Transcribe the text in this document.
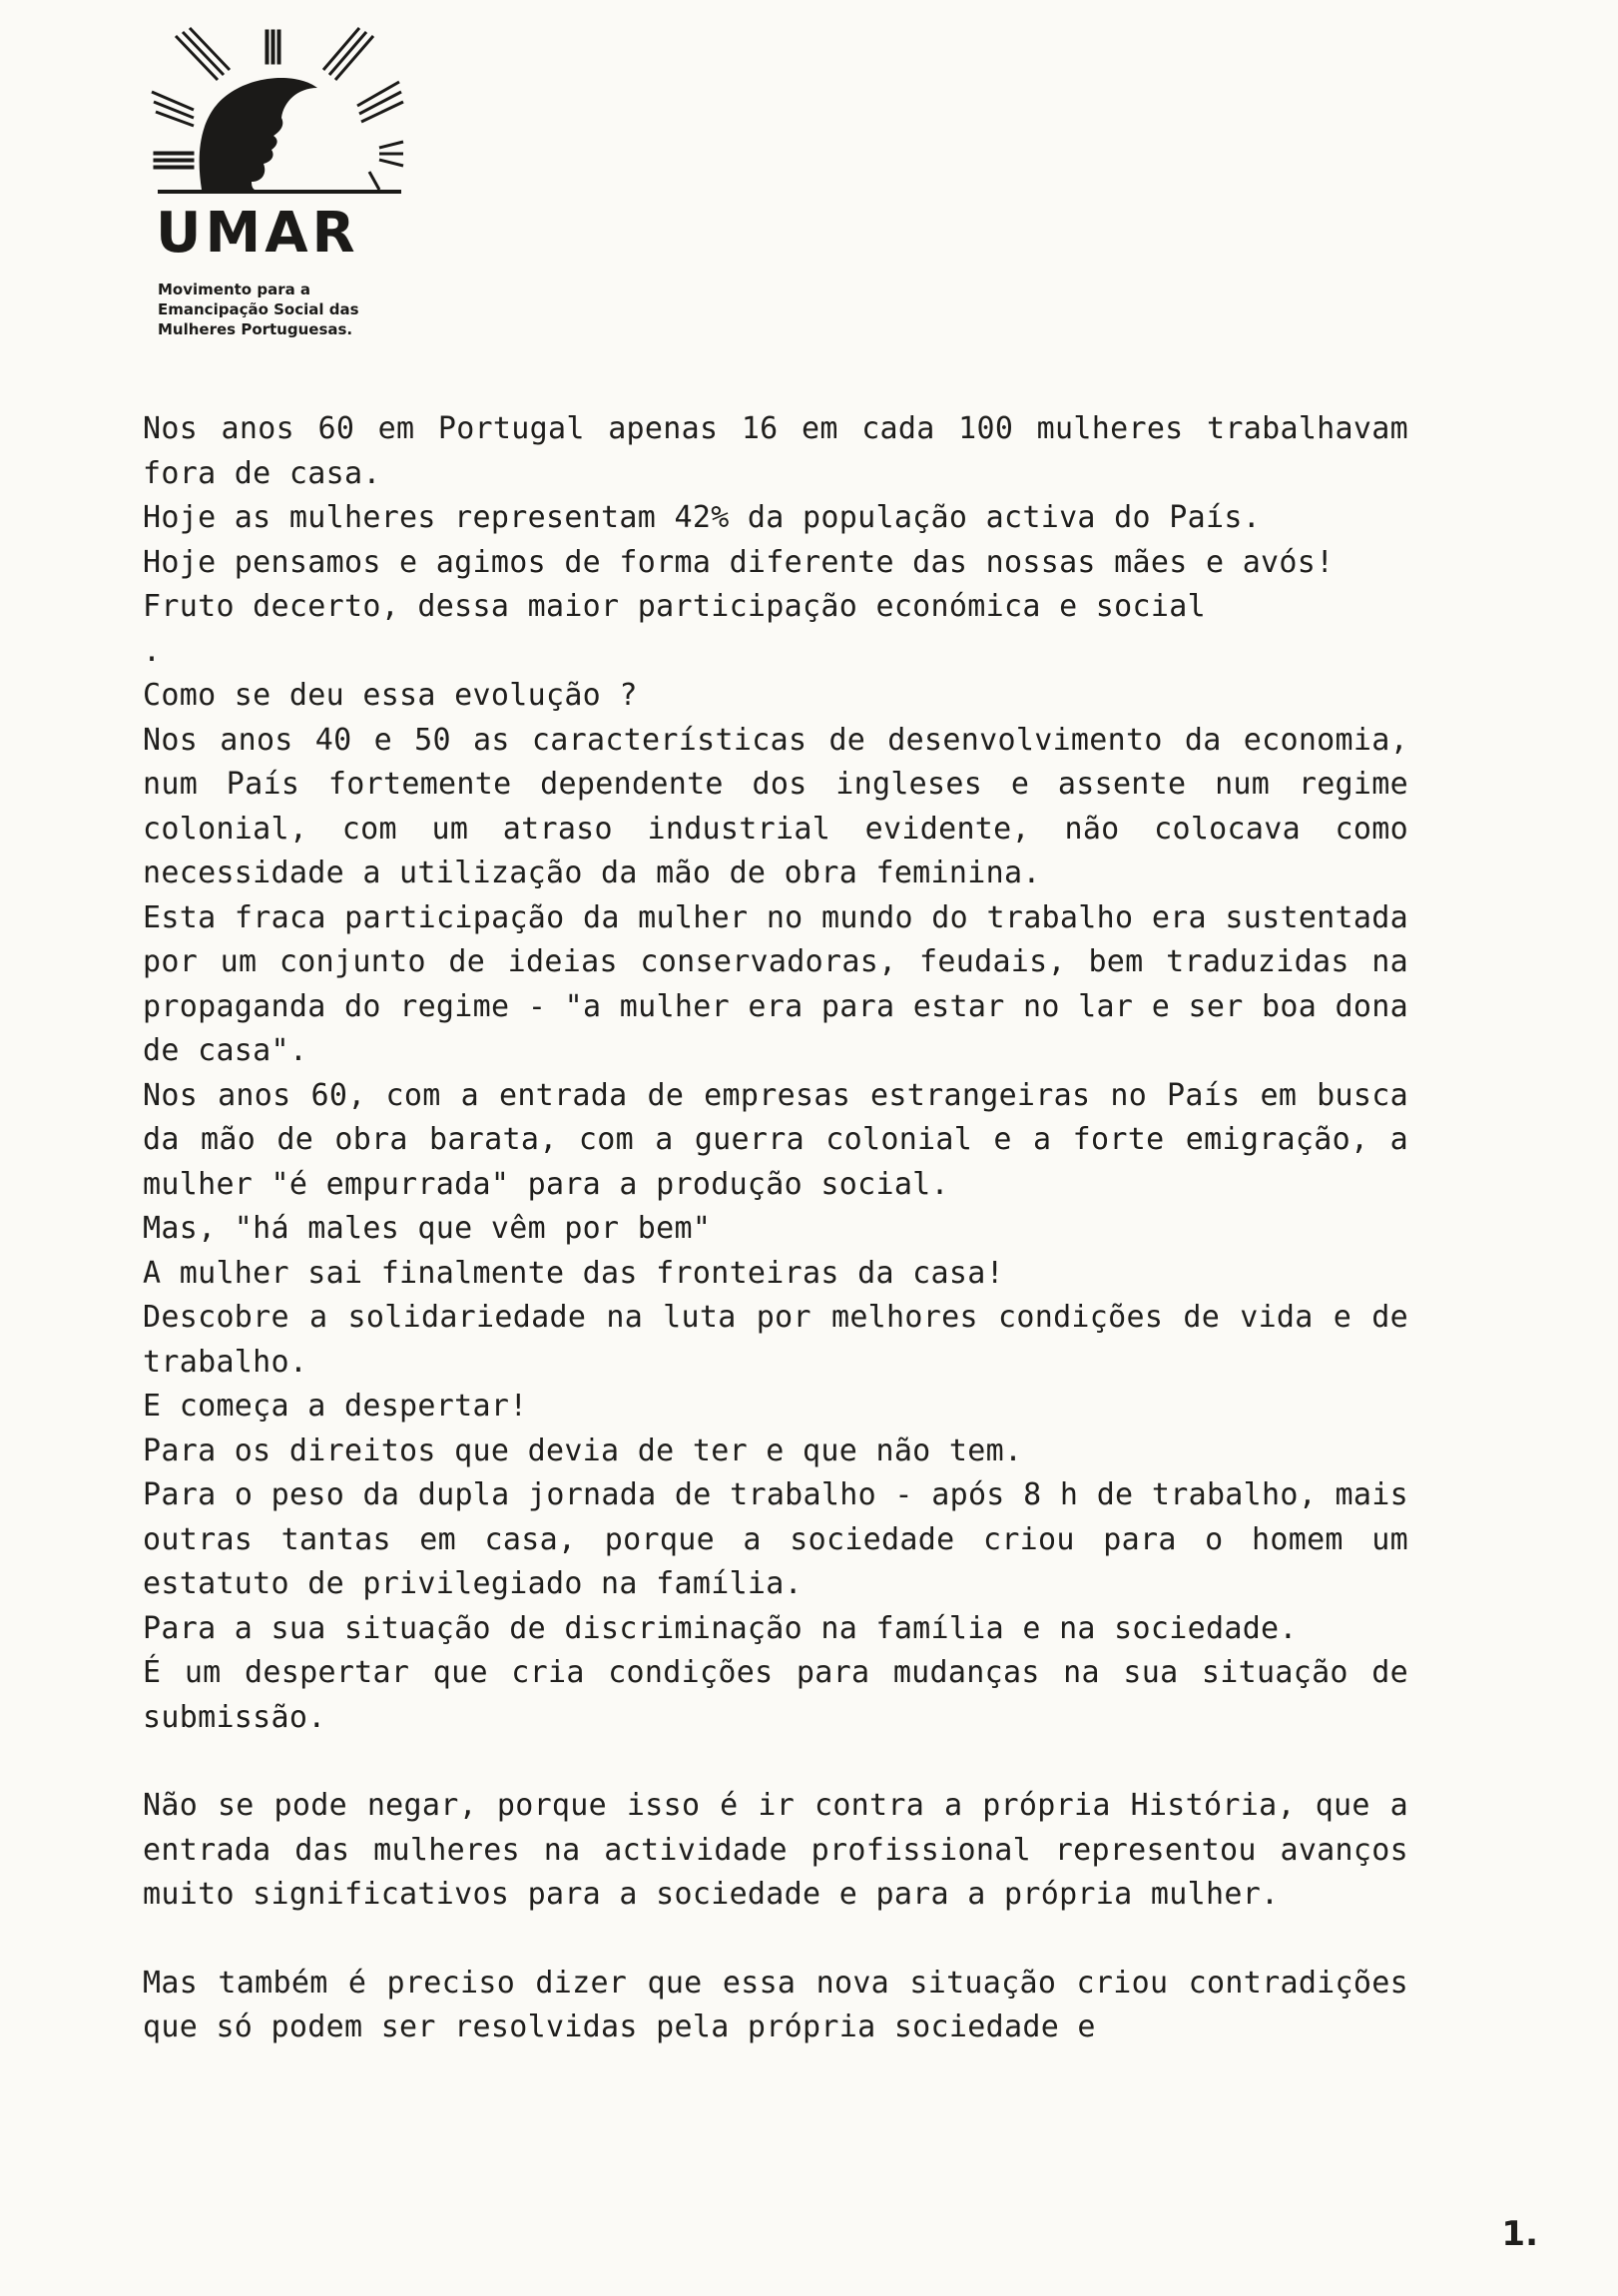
UMAR
Movimento para a
Emancipação Social das
Mulheres Portuguesas.

Nos anos 60 em Portugal apenas 16 em cada 100 mulheres trabalhavam fora de casa.

Hoje as mulheres representam 42% da população activa do País.

Hoje pensamos e agimos de forma diferente das nossas mães e avós!

Fruto decerto, dessa maior participação económica e social

.

Como se deu essa evolução ?

Nos anos 40 e 50 as características de desenvolvimento da economia, num País fortemente dependente dos ingleses e assente num regime colonial, com um atraso industrial evidente, não colocava como necessidade a utilização da mão de obra feminina.

Esta fraca participação da mulher no mundo do trabalho era sustentada por um conjunto de ideias conservadoras, feudais, bem traduzidas na propaganda do regime - "a mulher era para estar no lar e ser boa dona de casa".

Nos anos 60, com a entrada de empresas estrangeiras no País em busca da mão de obra barata, com a guerra colonial e a forte emigração, a mulher "é empurrada" para a produção social.

Mas, "há males que vêm por bem"

A mulher sai finalmente das fronteiras da casa!

Descobre a solidariedade na luta por melhores condições de vida e de trabalho.

E começa a despertar!

Para os direitos que devia de ter e que não tem.

Para o peso da dupla jornada de trabalho - após 8 h de trabalho, mais outras tantas em casa, porque a sociedade criou para o homem um estatuto de privilegiado na família.

Para a sua situação de discriminação na família e na sociedade.

É um despertar que cria condições para mudanças na sua situação de submissão.

Não se pode negar, porque isso é ir contra a própria História, que a entrada das mulheres na actividade profissional representou avanços muito significativos para a sociedade e para a própria mulher.

Mas também é preciso dizer que essa nova situação criou contradições que só podem ser resolvidas pela própria sociedade e

1.
